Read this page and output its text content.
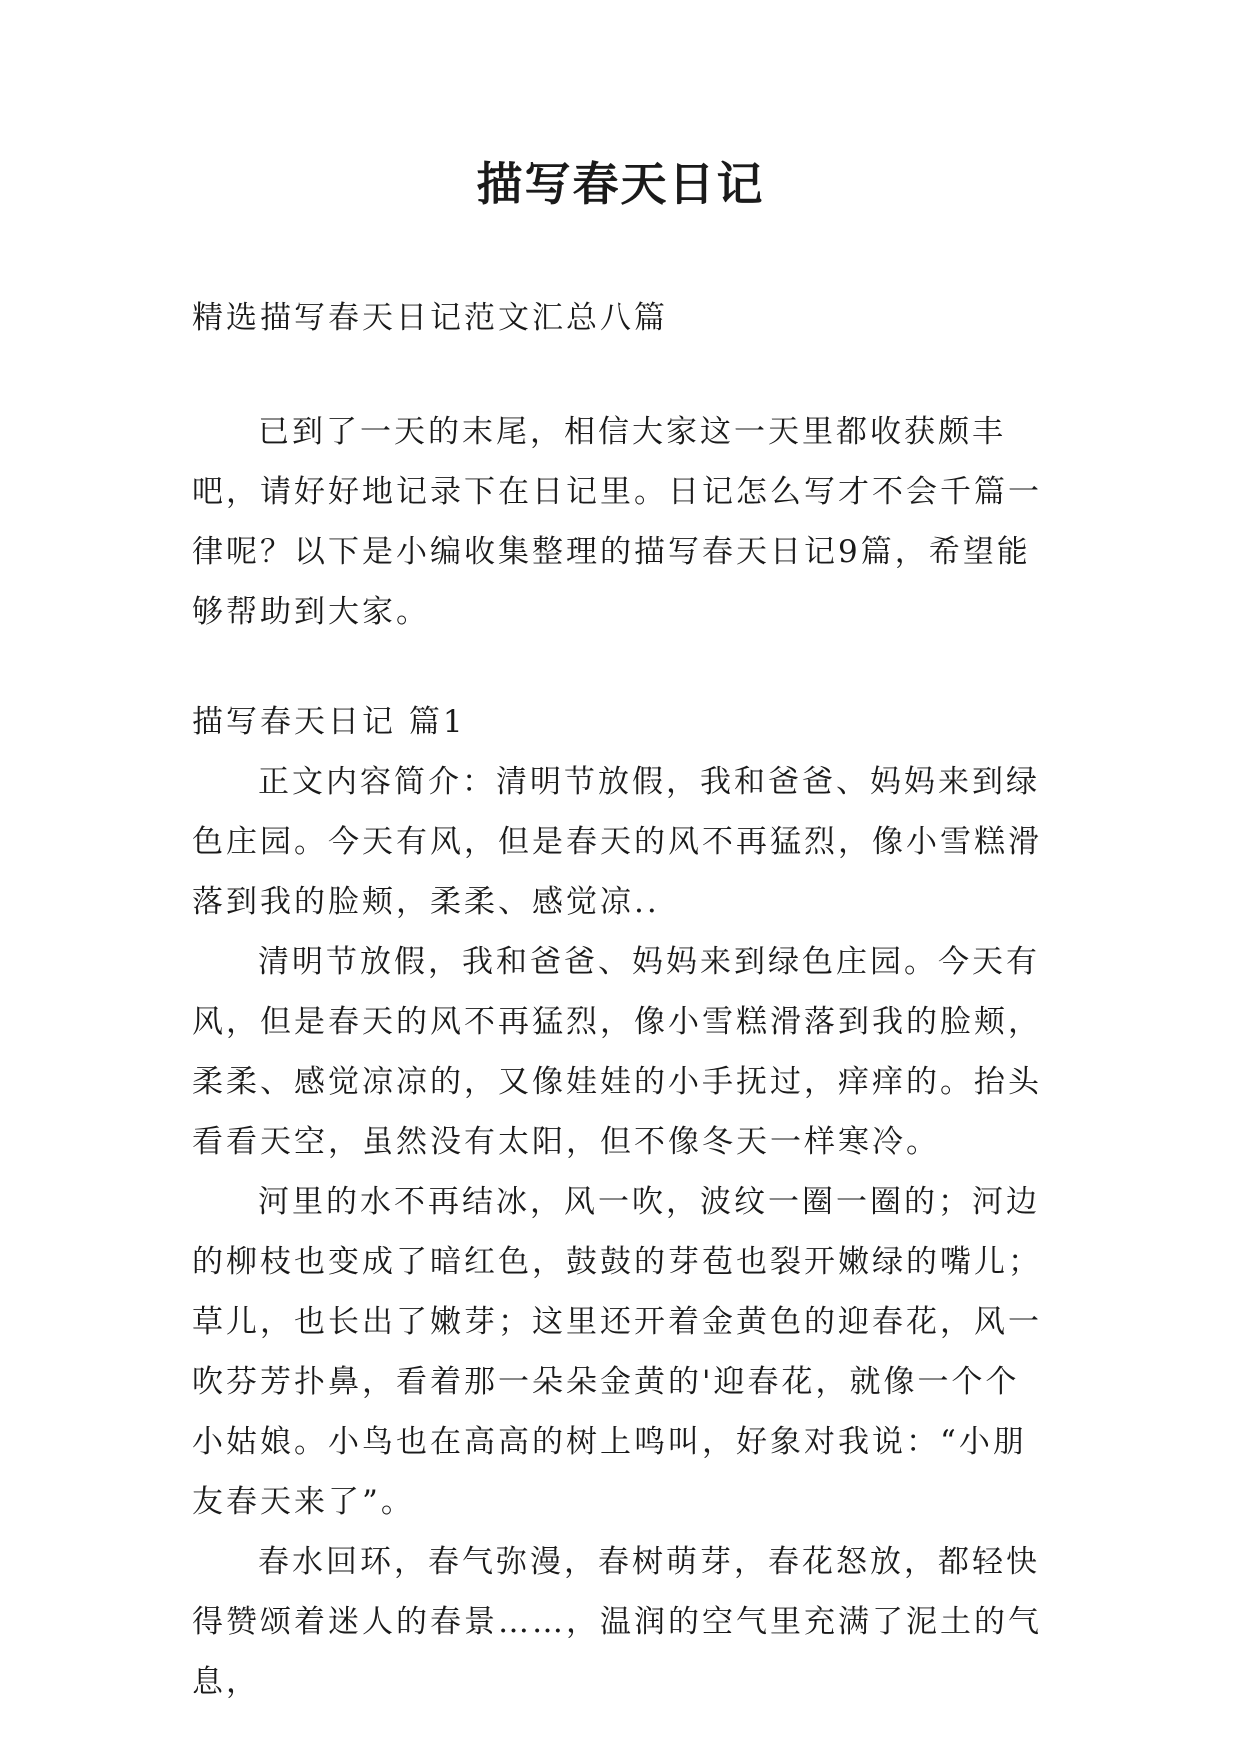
描写春天日记

精选描写春天日记范文汇总八篇

已到了一天的末尾，相信大家这一天里都收获颇丰吧，请好好地记录下在日记里。日记怎么写才不会千篇一律呢？以下是小编收集整理的描写春天日记9篇，希望能够帮助到大家。

描写春天日记 篇1

正文内容简介：清明节放假，我和爸爸、妈妈来到绿色庄园。今天有风，但是春天的风不再猛烈，像小雪糕滑落到我的脸颊，柔柔、感觉凉..

清明节放假，我和爸爸、妈妈来到绿色庄园。今天有风，但是春天的风不再猛烈，像小雪糕滑落到我的脸颊，柔柔、感觉凉凉的，又像娃娃的小手抚过，痒痒的。抬头看看天空，虽然没有太阳，但不像冬天一样寒冷。

河里的水不再结冰，风一吹，波纹一圈一圈的；河边的柳枝也变成了暗红色，鼓鼓的芽苞也裂开嫩绿的嘴儿；草儿，也长出了嫩芽；这里还开着金黄色的迎春花，风一吹芬芳扑鼻，看着那一朵朵金黄的'迎春花，就像一个个小姑娘。小鸟也在高高的树上鸣叫，好象对我说：“小朋友春天来了”。

春水回环，春气弥漫，春树萌芽，春花怒放，都轻快得赞颂着迷人的春景……，温润的空气里充满了泥土的气息，
